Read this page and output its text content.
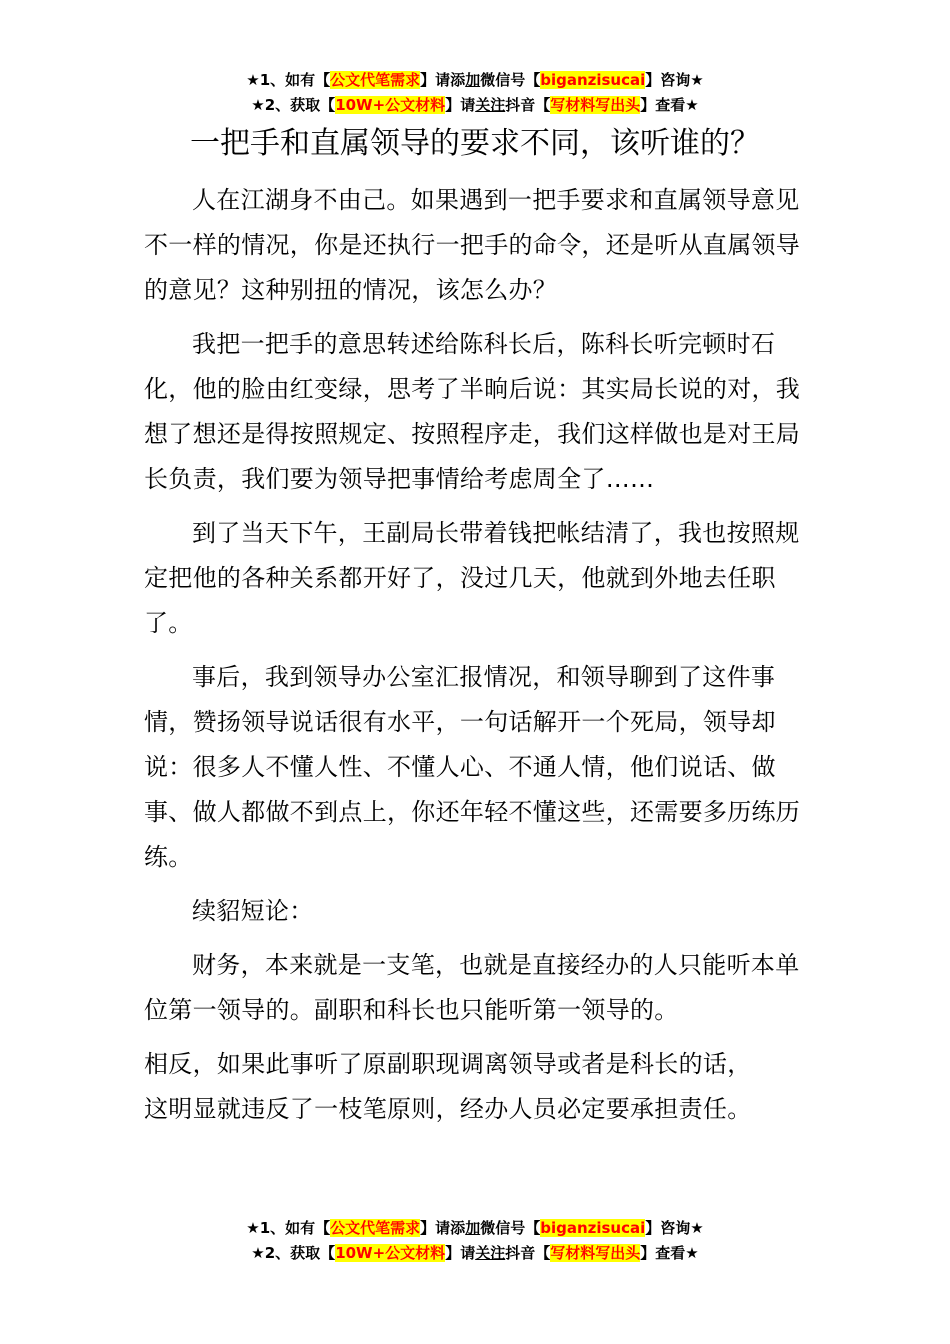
★1、如有【公文代笔需求】请添加微信号【biganzisucai】咨询★
★2、获取【10W+公文材料】请关注抖音【写材料写出头】查看★
一把手和直属领导的要求不同，该听谁的？

人在江湖身不由己。如果遇到一把手要求和直属领导意见不一样的情况，你是还执行一把手的命令，还是听从直属领导的意见？这种别扭的情况，该怎么办？

我把一把手的意思转述给陈科长后，陈科长听完顿时石化，他的脸由红变绿，思考了半晌后说：其实局长说的对，我想了想还是得按照规定、按照程序走，我们这样做也是对王局长负责，我们要为领导把事情给考虑周全了……

到了当天下午，王副局长带着钱把帐结清了，我也按照规定把他的各种关系都开好了，没过几天，他就到外地去任职了。

事后，我到领导办公室汇报情况，和领导聊到了这件事情，赞扬领导说话很有水平，一句话解开一个死局，领导却说：很多人不懂人性、不懂人心、不通人情，他们说话、做事、做人都做不到点上，你还年轻不懂这些，还需要多历练历练。

续貂短论：

财务，本来就是一支笔，也就是直接经办的人只能听本单位第一领导的。副职和科长也只能听第一领导的。

相反，如果此事听了原副职现调离领导或者是科长的话，

这明显就违反了一枝笔原则，经办人员必定要承担责任。

★1、如有【公文代笔需求】请添加微信号【biganzisucai】咨询★
★2、获取【10W+公文材料】请关注抖音【写材料写出头】查看★
